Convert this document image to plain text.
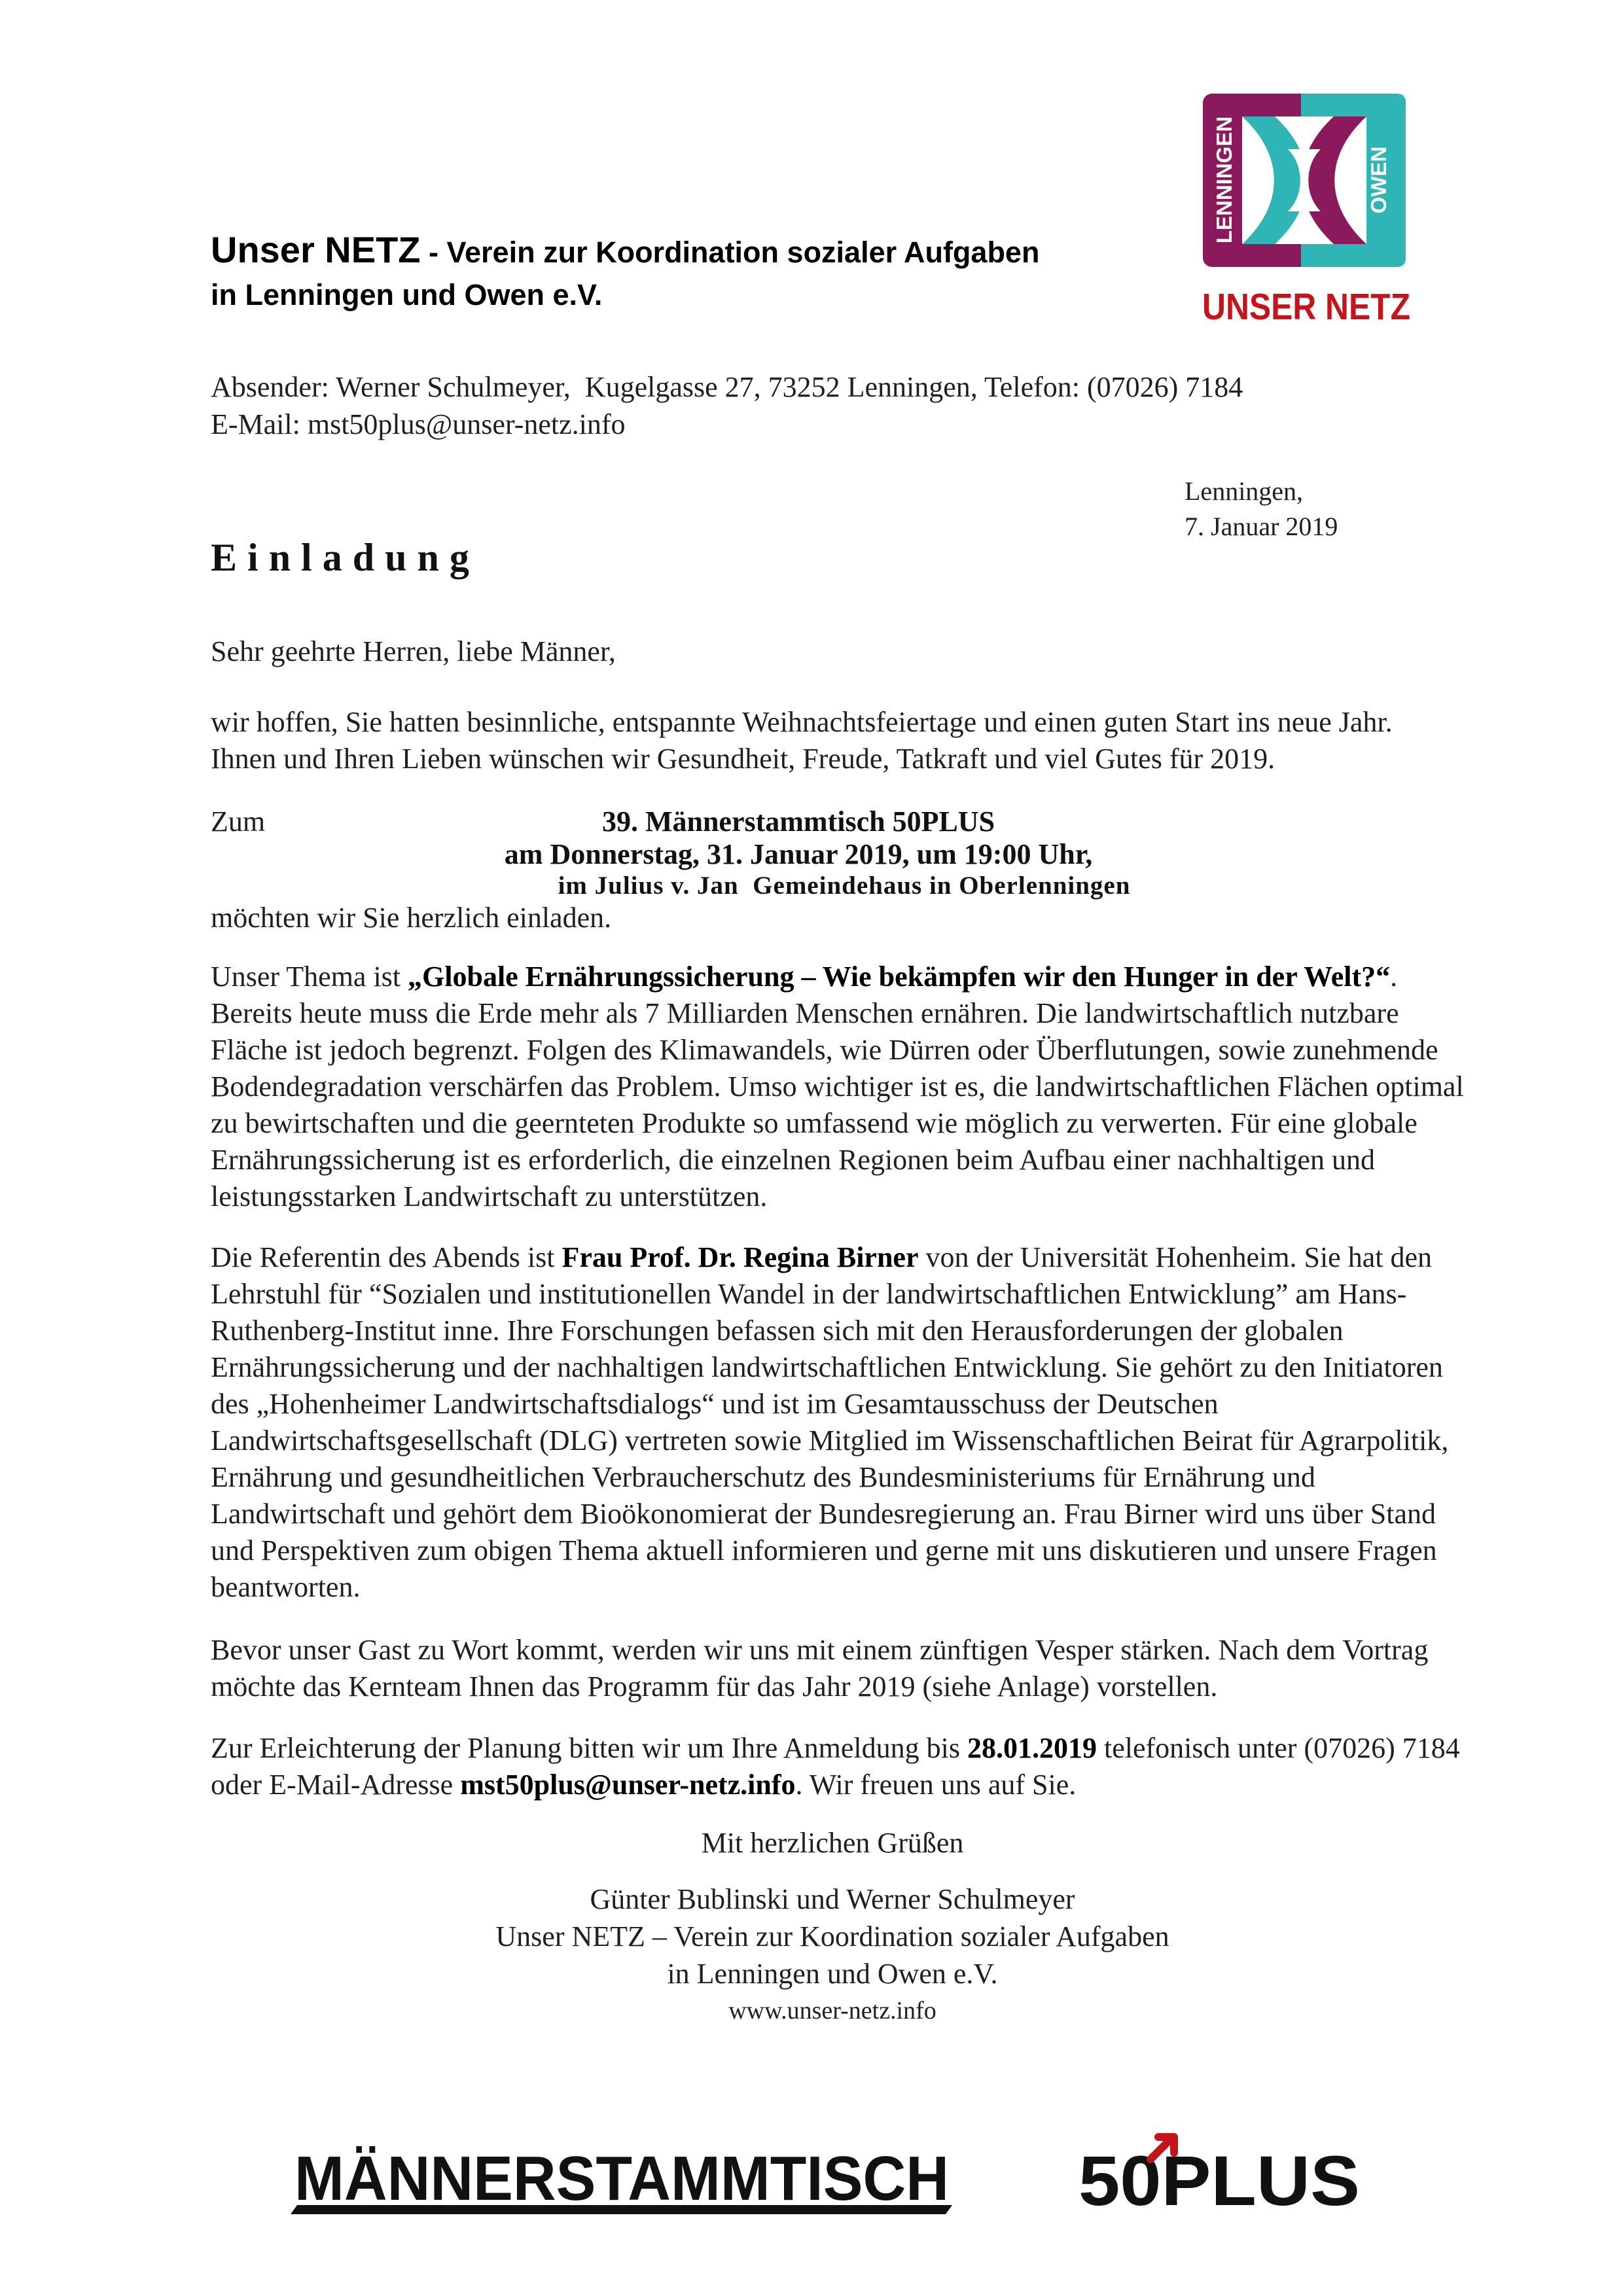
Unser NETZ - Verein zur Koordination sozialer Aufgaben
in Lenningen und Owen e.V.
LENNINGEN	OWEN
UNSER NETZ
Absender: Werner Schulmeyer,  Kugelgasse 27, 73252 Lenningen, Telefon: (07026) 7184
E-Mail: mst50plus@unser-netz.info
Lenningen,
7. Januar 2019
Einladung
Sehr geehrte Herren, liebe Männer,
wir hoffen, Sie hatten besinnliche, entspannte Weihnachtsfeiertage und einen guten Start ins neue Jahr. Ihnen und Ihren Lieben wünschen wir Gesundheit, Freude, Tatkraft und viel Gutes für 2019.
Zum	39. Männerstammtisch 50PLUS
am Donnerstag, 31. Januar 2019, um 19:00 Uhr,
im Julius v. Jan  Gemeindehaus in Oberlenningen
möchten wir Sie herzlich einladen.
Unser Thema ist „Globale Ernährungssicherung – Wie bekämpfen wir den Hunger in der Welt?“. Bereits heute muss die Erde mehr als 7 Milliarden Menschen ernähren. Die landwirtschaftlich nutzbare Fläche ist jedoch begrenzt. Folgen des Klimawandels, wie Dürren oder Überflutungen, sowie zunehmende Bodendegradation verschärfen das Problem. Umso wichtiger ist es, die landwirtschaftlichen Flächen optimal zu bewirtschaften und die geernteten Produkte so umfassend wie möglich zu verwerten. Für eine globale Ernährungssicherung ist es erforderlich, die einzelnen Regionen beim Aufbau einer nachhaltigen und leistungsstarken Landwirtschaft zu unterstützen.
Die Referentin des Abends ist Frau Prof. Dr. Regina Birner von der Universität Hohenheim. Sie hat den Lehrstuhl für “Sozialen und institutionellen Wandel in der landwirtschaftlichen Entwicklung” am Hans-Ruthenberg-Institut inne. Ihre Forschungen befassen sich mit den Herausforderungen der globalen Ernährungssicherung und der nachhaltigen landwirtschaftlichen Entwicklung. Sie gehört zu den Initiatoren des „Hohenheimer Landwirtschaftsdialogs“ und ist im Gesamtausschuss der Deutschen Landwirtschaftsgesellschaft (DLG) vertreten sowie Mitglied im Wissenschaftlichen Beirat für Agrarpolitik, Ernährung und gesundheitlichen Verbraucherschutz des Bundesministeriums für Ernährung und Landwirtschaft und gehört dem Bioökonomierat der Bundesregierung an. Frau Birner wird uns über Stand und Perspektiven zum obigen Thema aktuell informieren und gerne mit uns diskutieren und unsere Fragen beantworten.
Bevor unser Gast zu Wort kommt, werden wir uns mit einem zünftigen Vesper stärken. Nach dem Vortrag möchte das Kernteam Ihnen das Programm für das Jahr 2019 (siehe Anlage) vorstellen.
Zur Erleichterung der Planung bitten wir um Ihre Anmeldung bis 28.01.2019 telefonisch unter (07026) 7184 oder E-Mail-Adresse mst50plus@unser-netz.info. Wir freuen uns auf Sie.
Mit herzlichen Grüßen
Günter Bublinski und Werner Schulmeyer
Unser NETZ – Verein zur Koordination sozialer Aufgaben
in Lenningen und Owen e.V.
www.unser-netz.info
MÄNNERSTAMMTISCH 50PLUS
